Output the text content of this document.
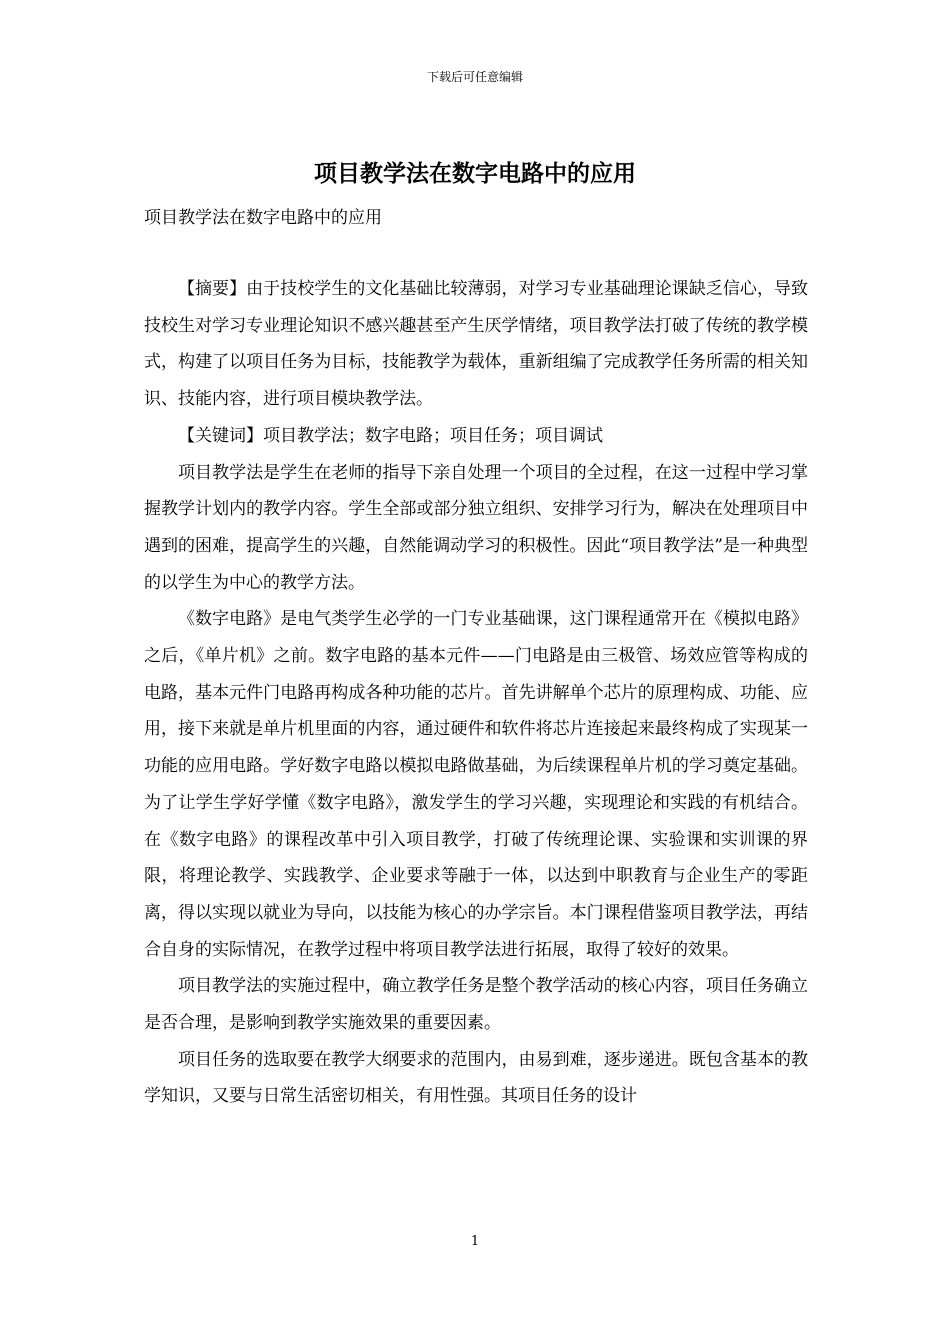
下载后可任意编辑
项目教学法在数字电路中的应用
项目教学法在数字电路中的应用

【摘要】由于技校学生的文化基础比较薄弱，对学习专业基础理论课缺乏信心，导致技校生对学习专业理论知识不感兴趣甚至产生厌学情绪，项目教学法打破了传统的教学模式，构建了以项目任务为目标，技能教学为载体，重新组编了完成教学任务所需的相关知识、技能内容，进行项目模块教学法。

【关键词】项目教学法；数字电路；项目任务；项目调试

项目教学法是学生在老师的指导下亲自处理一个项目的全过程，在这一过程中学习掌握教学计划内的教学内容。学生全部或部分独立组织、安排学习行为，解决在处理项目中遇到的困难，提高学生的兴趣，自然能调动学习的积极性。因此“项目教学法”是一种典型的以学生为中心的教学方法。

《数字电路》是电气类学生必学的一门专业基础课，这门课程通常开在《模拟电路》之后，《单片机》之前。数字电路的基本元件——门电路是由三极管、场效应管等构成的电路，基本元件门电路再构成各种功能的芯片。首先讲解单个芯片的原理构成、功能、应用，接下来就是单片机里面的内容，通过硬件和软件将芯片连接起来最终构成了实现某一功能的应用电路。学好数字电路以模拟电路做基础，为后续课程单片机的学习奠定基础。为了让学生学好学懂《数字电路》，激发学生的学习兴趣，实现理论和实践的有机结合。在《数字电路》的课程改革中引入项目教学，打破了传统理论课、实验课和实训课的界限，将理论教学、实践教学、企业要求等融于一体，以达到中职教育与企业生产的零距离，得以实现以就业为导向，以技能为核心的办学宗旨。本门课程借鉴项目教学法，再结合自身的实际情况，在教学过程中将项目教学法进行拓展，取得了较好的效果。

项目教学法的实施过程中，确立教学任务是整个教学活动的核心内容，项目任务确立是否合理，是影响到教学实施效果的重要因素。

项目任务的选取要在教学大纲要求的范围内，由易到难，逐步递进。既包含基本的教学知识，又要与日常生活密切相关，有用性强。其项目任务的设计

1
